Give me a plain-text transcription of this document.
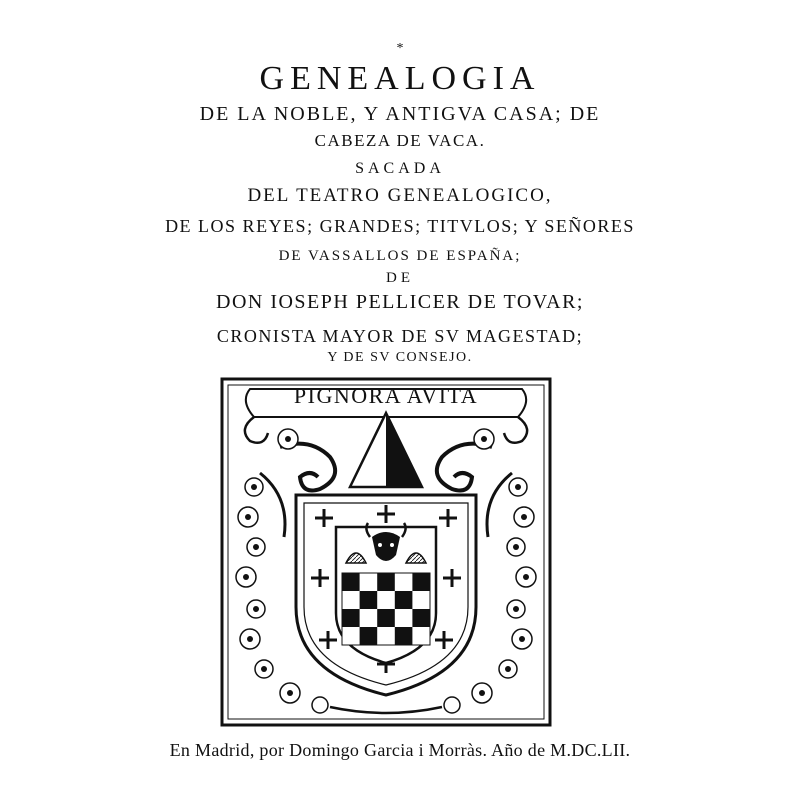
*
GENEALOGIA
DE LA NOBLE, Y ANTIGVA CASA; DE
CABEZA DE VACA.
SACADA
DEL TEATRO GENEALOGICO,
DE LOS REYES; GRANDES; TITVLOS; Y SEÑORES
DE VASSALLOS DE ESPAÑA;
DE
DON IOSEPH PELLICER DE TOVAR;
CRONISTA MAYOR DE SV MAGESTAD;
Y DE SV CONSEJO.
PIGNORA AVITA
En Madrid, por Domingo Garcia i Morràs. Año de M.DC.LII.
